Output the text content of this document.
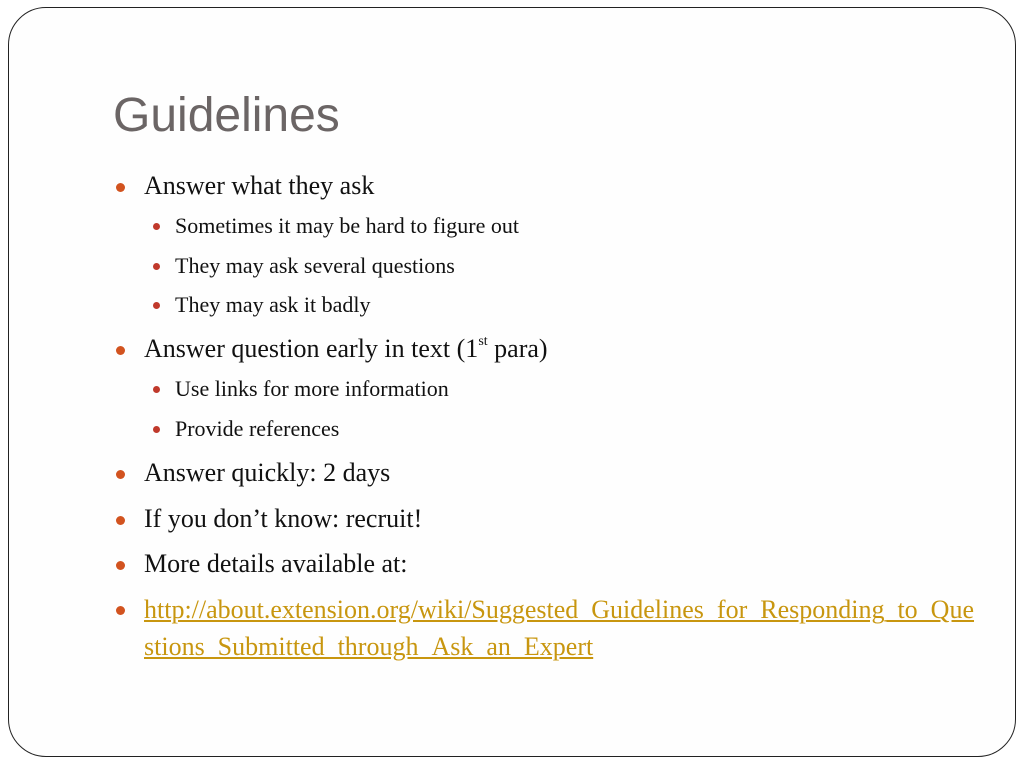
Guidelines
Answer what they ask
Sometimes it may be hard to figure out
They may ask several questions
They may ask it badly
Answer question early in text (1st para)
Use links for more information
Provide references
Answer quickly: 2 days
If you don’t know: recruit!
More details available at:
http://about.extension.org/wiki/Suggested_Guidelines_for_Responding_to_Questions_Submitted_through_Ask_an_Expert
